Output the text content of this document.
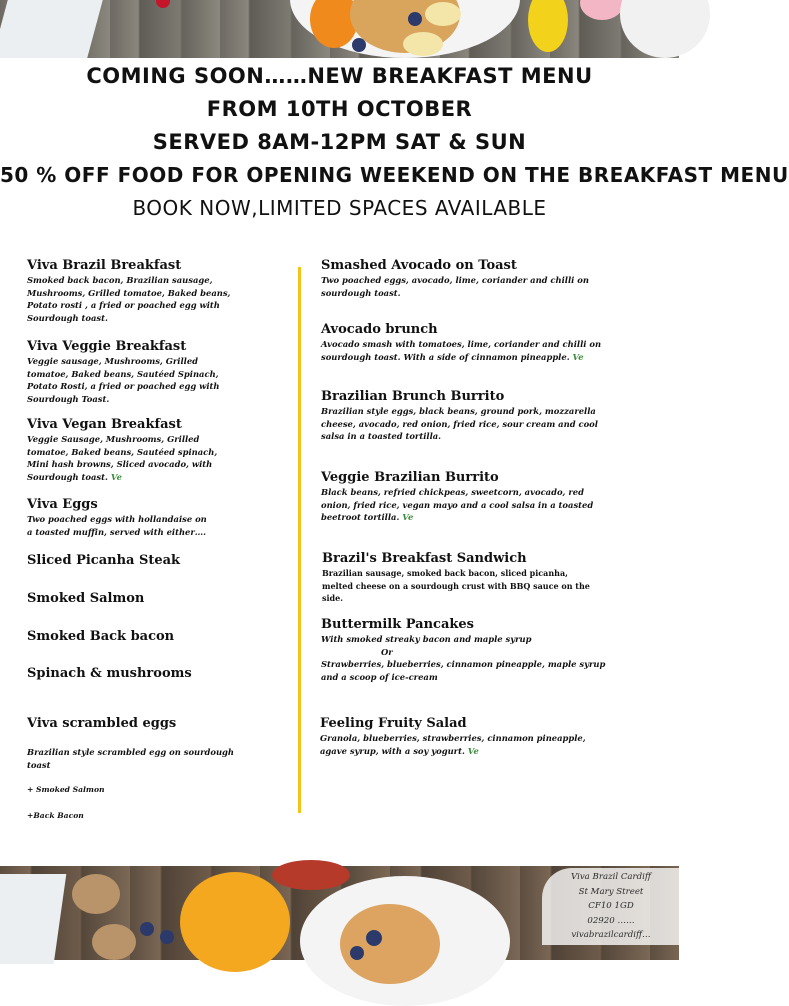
COMING SOON……NEW BREAKFAST MENU
FROM 10TH OCTOBER
SERVED 8AM-12PM SAT & SUN
50 % OFF FOOD FOR OPENING WEEKEND ON THE BREAKFAST MENU
BOOK NOW,LIMITED SPACES AVAILABLE
Viva Brazil Breakfast
Smoked back bacon, Brazilian sausage, Mushrooms, Grilled tomatoe, Baked beans, Potato rosti , a fried or poached egg with Sourdough toast.
Viva Veggie Breakfast
Veggie sausage, Mushrooms, Grilled tomatoe, Baked beans, Sautéed Spinach, Potato Rosti, a fried or poached egg with Sourdough Toast.
Viva Vegan Breakfast
Veggie Sausage, Mushrooms, Grilled tomatoe, Baked beans, Sautéed spinach, Mini hash browns, Sliced avocado, with Sourdough toast. Ve
Viva Eggs
Two poached eggs with hollandaise on a toasted muffin, served with either….
Sliced Picanha Steak
Smoked Salmon
Smoked Back bacon
Spinach & mushrooms
Viva scrambled eggs
Brazilian style scrambled egg on sourdough toast
+ Smoked Salmon
+Back Bacon
Smashed Avocado on Toast
Two poached eggs, avocado, lime, coriander and chilli on sourdough toast.
Avocado brunch
Avocado smash with tomatoes, lime, coriander and chilli on sourdough toast. With a side of cinnamon pineapple. Ve
Brazilian Brunch Burrito
Brazilian style eggs, black beans, ground pork, mozzarella cheese, avocado, red onion, fried rice, sour cream and cool salsa in a toasted tortilla.
Veggie Brazilian Burrito
Black beans, refried chickpeas, sweetcorn, avocado, red onion, fried rice, vegan mayo and a cool salsa in a toasted beetroot tortilla. Ve
Brazil's Breakfast Sandwich
Brazilian sausage, smoked back bacon, sliced picanha, melted cheese on a sourdough crust with BBQ sauce on the side.
Buttermilk Pancakes
With smoked streaky bacon and maple syrup
Or
Strawberries, blueberries, cinnamon pineapple, maple syrup and a scoop of ice-cream
Feeling Fruity Salad
Granola, blueberries, strawberries, cinnamon pineapple, agave syrup, with a soy yogurt. Ve
Viva Brazil Cardiff
St Mary Street
CF10 1GD
02920 ……
vivabrazilcardiff…
